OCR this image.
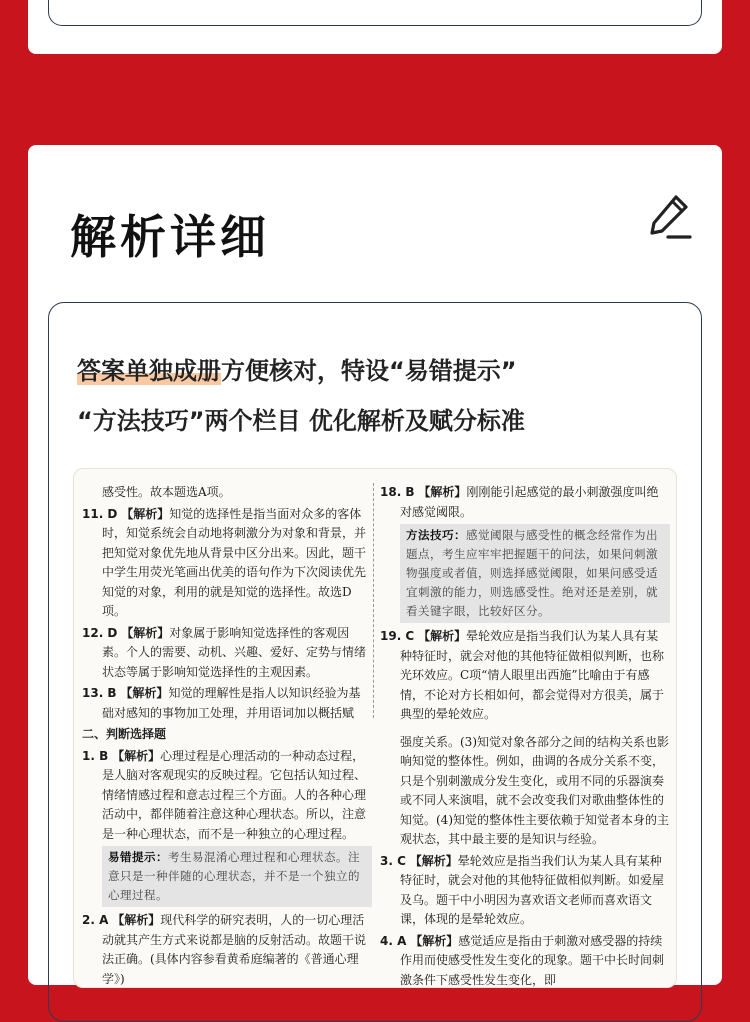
解析详细
答案单独成册方便核对，特设“易错提示”
“方法技巧”两个栏目 优化解析及赋分标准
感受性。故本题选A项。
11. D 【解析】知觉的选择性是指当面对众多的客体时，知觉系统会自动地将刺激分为对象和背景，并把知觉对象优先地从背景中区分出来。因此，题干中学生用荧光笔画出优美的语句作为下次阅读优先知觉的对象，利用的就是知觉的选择性。故选D项。
12. D 【解析】对象属于影响知觉选择性的客观因素。个人的需要、动机、兴趣、爱好、定势与情绪状态等属于影响知觉选择性的主观因素。
13. B 【解析】知觉的理解性是指人以知识经验为基础对感知的事物加工处理，并用语词加以概括赋
二、判断选择题
1. B 【解析】心理过程是心理活动的一种动态过程，是人脑对客观现实的反映过程。它包括认知过程、情绪情感过程和意志过程三个方面。人的各种心理活动中，都伴随着注意这种心理状态。所以，注意是一种心理状态，而不是一种独立的心理过程。
易错提示：考生易混淆心理过程和心理状态。注意只是一种伴随的心理状态，并不是一个独立的心理过程。
2. A 【解析】现代科学的研究表明，人的一切心理活动就其产生方式来说都是脑的反射活动。故题干说法正确。(具体内容参看黄希庭编著的《普通心理学》)
18. B 【解析】刚刚能引起感觉的最小刺激强度叫绝对感觉阈限。
方法技巧：感觉阈限与感受性的概念经常作为出题点，考生应牢牢把握题干的问法，如果问刺激物强度或者值，则选择感觉阈限，如果问感受适宜刺激的能力，则选感受性。绝对还是差别，就看关键字眼，比较好区分。
19. C 【解析】晕轮效应是指当我们认为某人具有某种特征时，就会对他的其他特征做相似判断，也称光环效应。C项“情人眼里出西施”比喻由于有感情，不论对方长相如何，都会觉得对方很美，属于典型的晕轮效应。
强度关系。(3)知觉对象各部分之间的结构关系也影响知觉的整体性。例如，曲调的各成分关系不变，只是个别刺激成分发生变化，或用不同的乐器演奏或不同人来演唱，就不会改变我们对歌曲整体性的知觉。(4)知觉的整体性主要依赖于知觉者本身的主观状态，其中最主要的是知识与经验。
3. C 【解析】晕轮效应是指当我们认为某人具有某种特征时，就会对他的其他特征做相似判断。如爱屋及乌。题干中小明因为喜欢语文老师而喜欢语文课，体现的是晕轮效应。
4. A 【解析】感觉适应是指由于刺激对感受器的持续作用而使感受性发生变化的现象。题干中长时间刺激条件下感受性发生变化，即
